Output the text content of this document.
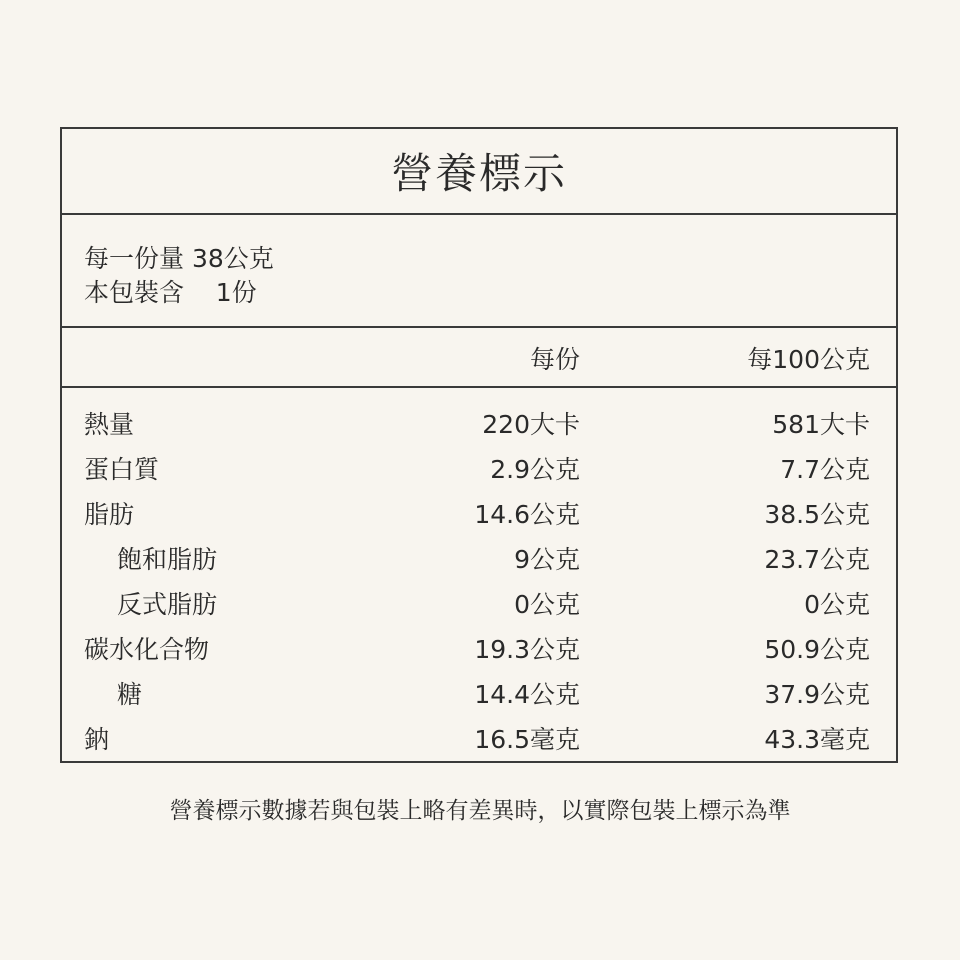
營養標示
每一份量 38公克
本包裝含    1份
每份	每100公克
熱量	220大卡	581大卡
蛋白質	2.9公克	7.7公克
脂肪	14.6公克	38.5公克
飽和脂肪	9公克	23.7公克
反式脂肪	0公克	0公克
碳水化合物	19.3公克	50.9公克
糖	14.4公克	37.9公克
鈉	16.5毫克	43.3毫克
營養標示數據若與包裝上略有差異時，以實際包裝上標示為準
